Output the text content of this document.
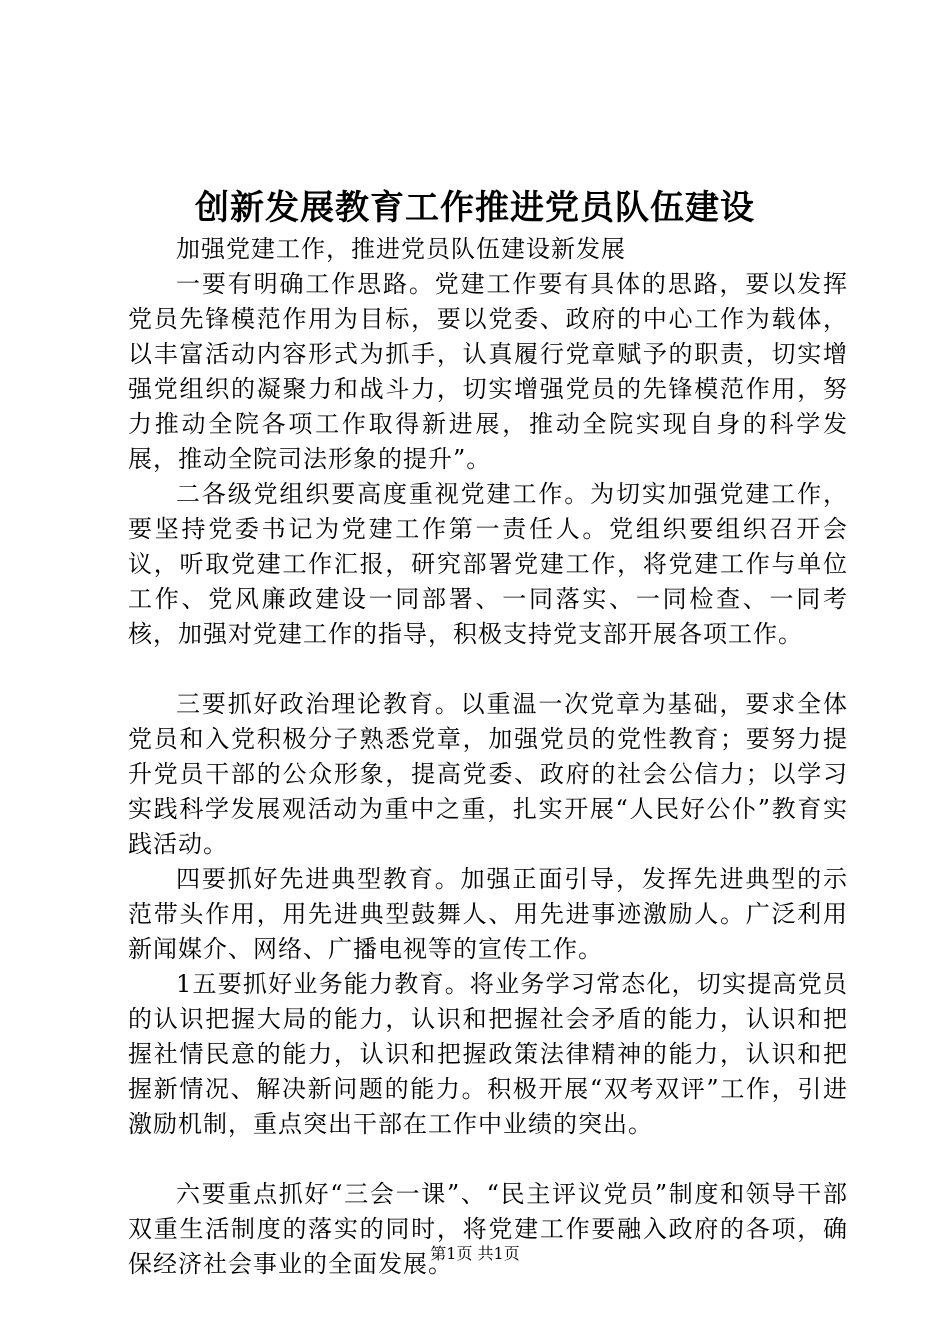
创新发展教育工作推进党员队伍建设

加强党建工作，推进党员队伍建设新发展

一要有明确工作思路。党建工作要有具体的思路，要以发挥党员先锋模范作用为目标，要以党委、政府的中心工作为载体，以丰富活动内容形式为抓手，认真履行党章赋予的职责，切实增强党组织的凝聚力和战斗力，切实增强党员的先锋模范作用，努力推动全院各项工作取得新进展，推动全院实现自身的科学发展，推动全院司法形象的提升”。

二各级党组织要高度重视党建工作。为切实加强党建工作，要坚持党委书记为党建工作第一责任人。党组织要组织召开会议，听取党建工作汇报，研究部署党建工作，将党建工作与单位工作、党风廉政建设一同部署、一同落实、一同检查、一同考核，加强对党建工作的指导，积极支持党支部开展各项工作。

三要抓好政治理论教育。以重温一次党章为基础，要求全体党员和入党积极分子熟悉党章，加强党员的党性教育；要努力提升党员干部的公众形象，提高党委、政府的社会公信力；以学习实践科学发展观活动为重中之重，扎实开展“人民好公仆”教育实践活动。

四要抓好先进典型教育。加强正面引导，发挥先进典型的示范带头作用，用先进典型鼓舞人、用先进事迹激励人。广泛利用新闻媒介、网络、广播电视等的宣传工作。

1五要抓好业务能力教育。将业务学习常态化，切实提高党员的认识把握大局的能力，认识和把握社会矛盾的能力，认识和把握社情民意的能力，认识和把握政策法律精神的能力，认识和把握新情况、解决新问题的能力。积极开展“双考双评”工作，引进激励机制，重点突出干部在工作中业绩的突出。

六要重点抓好“三会一课”、“民主评议党员”制度和领导干部双重生活制度的落实的同时，将党建工作要融入政府的各项，确保经济社会事业的全面发展。

第1页 共1页
